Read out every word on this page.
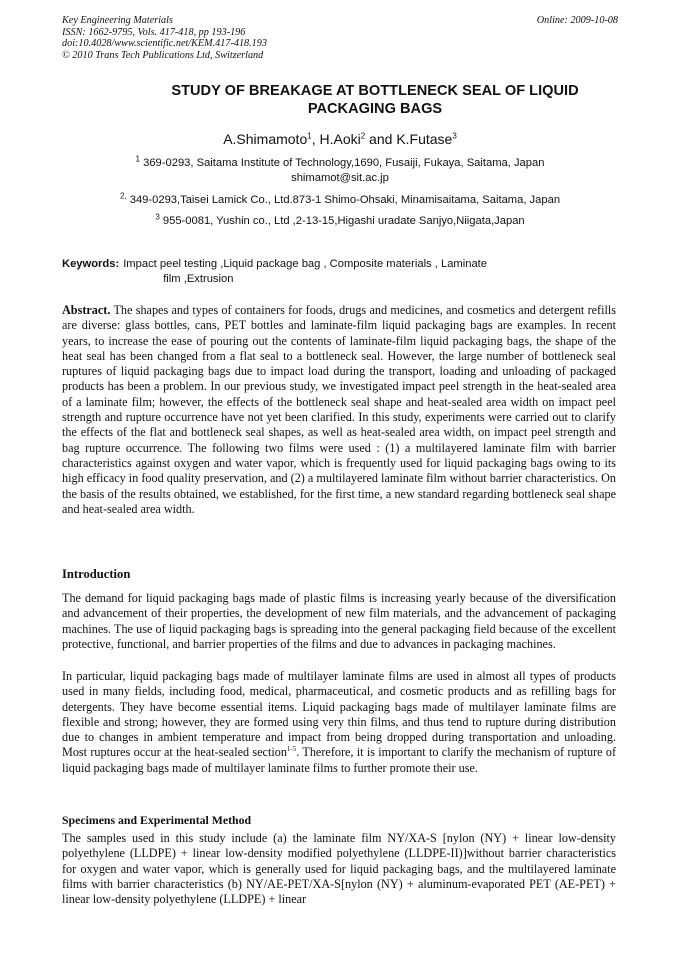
Key Engineering Materials
ISSN: 1662-9795, Vols. 417-418, pp 193-196
doi:10.4028/www.scientific.net/KEM.417-418.193
© 2010 Trans Tech Publications Ltd, Switzerland
Online: 2009-10-08
STUDY OF BREAKAGE AT BOTTLENECK SEAL OF LIQUID
PACKAGING BAGS
A.Shimamoto$^1$, H.Aoki$^2$ and K.Futase$^3$
$^1$ 369-0293, Saitama Institute of Technology,1690, Fusaiji, Fukaya, Saitama, Japan
shimamot@sit.ac.jp
$^{2,}$ 349-0293,Taisei Lamick Co., Ltd.873-1 Shimo-Ohsaki, Minamisaitama, Saitama, Japan
$^3$ 955-0081, Yushin co., Ltd ,2-13-15,Higashi uradate Sanjyo,Niigata,Japan
Keywords: Impact peel testing ,Liquid package bag , Composite materials , Laminate
film ,Extrusion
Abstract. The shapes and types of containers for foods, drugs and medicines, and cosmetics and detergent refills are diverse: glass bottles, cans, PET bottles and laminate-film liquid packaging bags are examples. In recent years, to increase the ease of pouring out the contents of laminate-film liquid packaging bags, the shape of the heat seal has been changed from a flat seal to a bottleneck seal. However, the large number of bottleneck seal ruptures of liquid packaging bags due to impact load during the transport, loading and unloading of packaged products has been a problem. In our previous study, we investigated impact peel strength in the heat-sealed area of a laminate film; however, the effects of the bottleneck seal shape and heat-sealed area width on impact peel strength and rupture occurrence have not yet been clarified. In this study, experiments were carried out to clarify the effects of the flat and bottleneck seal shapes, as well as heat-sealed area width, on impact peel strength and bag rupture occurrence. The following two films were used : (1) a multilayered laminate film with barrier characteristics against oxygen and water vapor, which is frequently used for liquid packaging bags owing to its high efficacy in food quality preservation, and (2) a multilayered laminate film without barrier characteristics. On the basis of the results obtained, we established, for the first time, a new standard regarding bottleneck seal shape and heat-sealed area width.
Introduction
The demand for liquid packaging bags made of plastic films is increasing yearly because of the diversification and advancement of their properties, the development of new film materials, and the advancement of packaging machines. The use of liquid packaging bags is spreading into the general packaging field because of the excellent protective, functional, and barrier properties of the films and due to advances in packaging machines.
In particular, liquid packaging bags made of multilayer laminate films are used in almost all types of products used in many fields, including food, medical, pharmaceutical, and cosmetic products and as refilling bags for detergents. They have become essential items. Liquid packaging bags made of multilayer laminate films are flexible and strong; however, they are formed using very thin films, and thus tend to rupture during distribution due to changes in ambient temperature and impact from being dropped during transportation and unloading. Most ruptures occur at the heat-sealed section$^{1-5}$. Therefore, it is important to clarify the mechanism of rupture of liquid packaging bags made of multilayer laminate films to further promote their use.
Specimens and Experimental Method
The samples used in this study include (a) the laminate film NY/XA-S [nylon (NY) + linear low-density polyethylene (LLDPE) + linear low-density modified polyethylene (LLDPE-II)]without barrier characteristics for oxygen and water vapor, which is generally used for liquid packaging bags, and the multilayered laminate films with barrier characteristics (b) NY/AE-PET/XA-S[nylon (NY) + aluminum-evaporated PET (AE-PET) + linear low-density polyethylene (LLDPE) + linear
